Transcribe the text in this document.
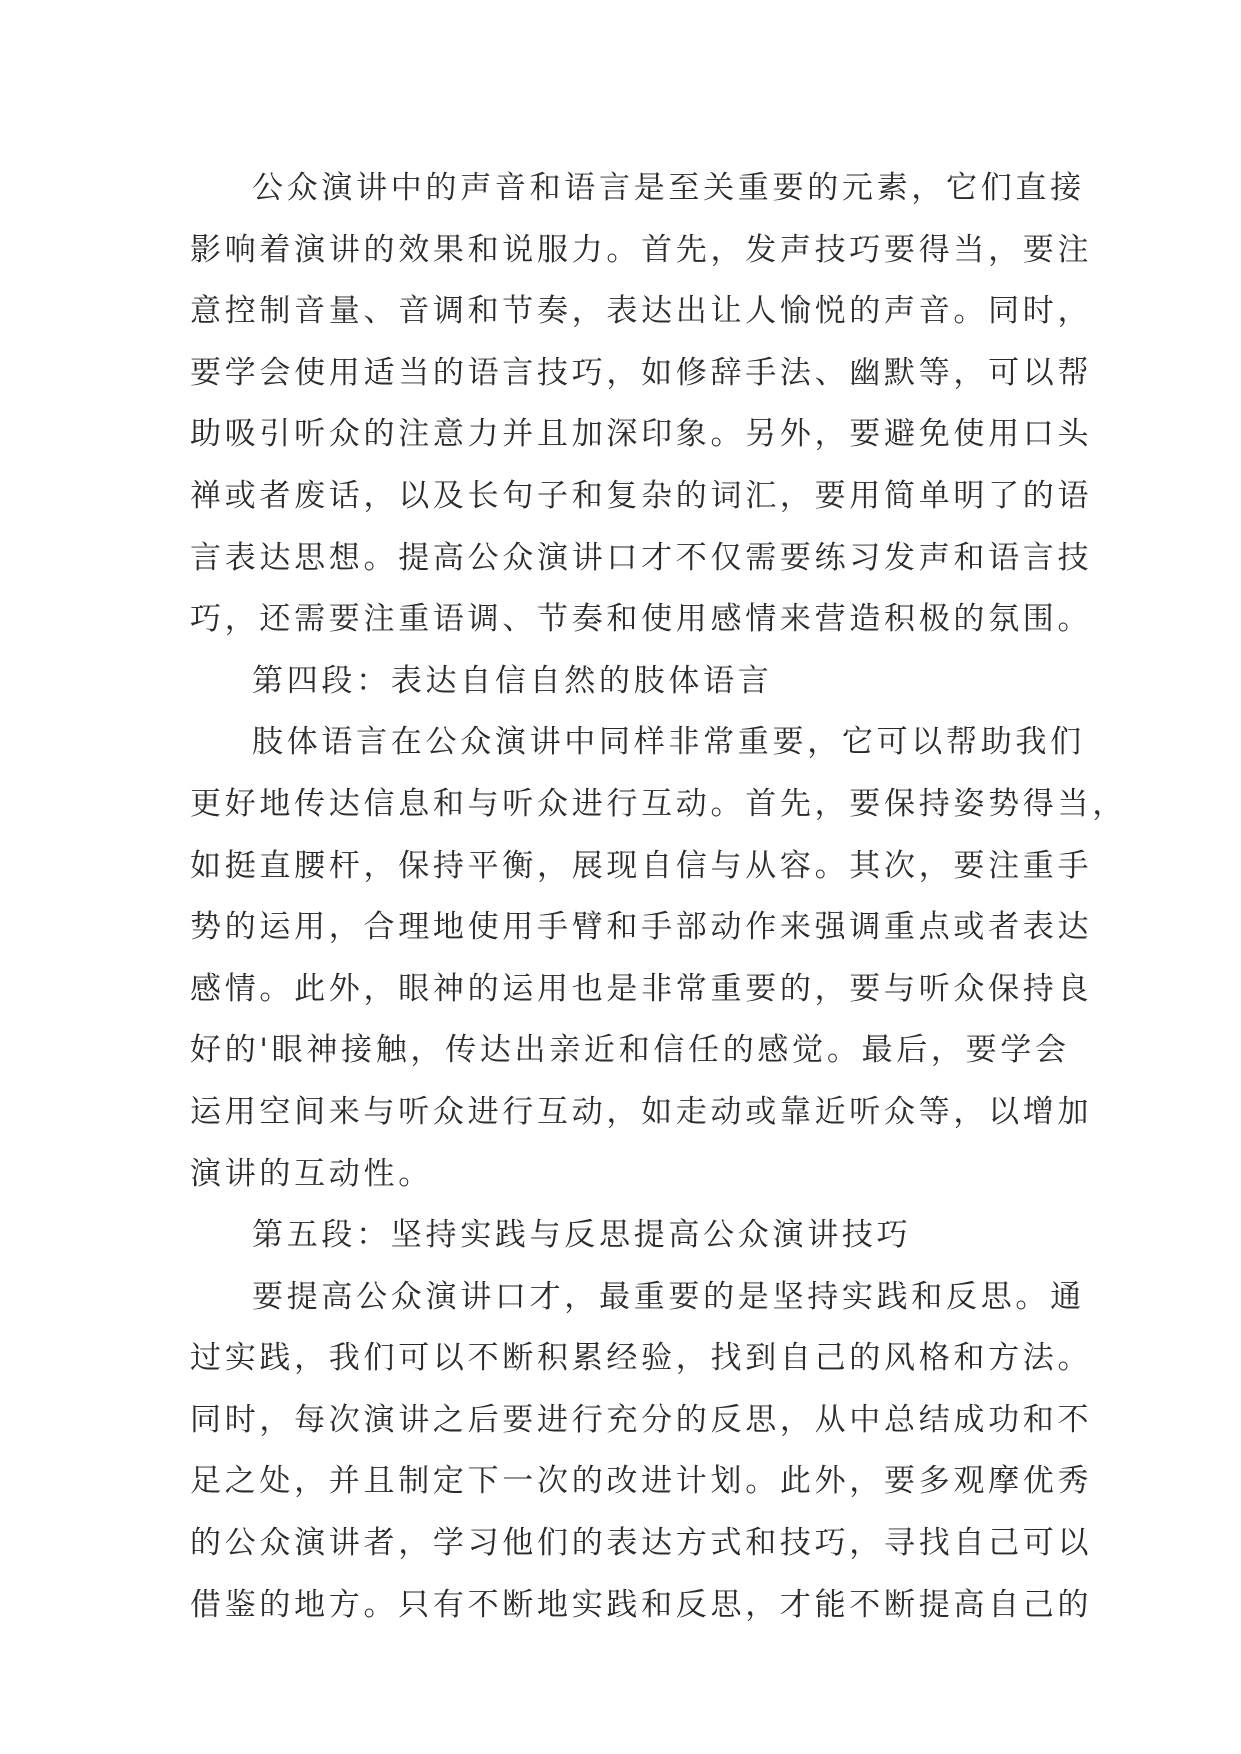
公众演讲中的声音和语言是至关重要的元素，它们直接
影响着演讲的效果和说服力。首先，发声技巧要得当，要注
意控制音量、音调和节奏，表达出让人愉悦的声音。同时，
要学会使用适当的语言技巧，如修辞手法、幽默等，可以帮
助吸引听众的注意力并且加深印象。另外，要避免使用口头
禅或者废话，以及长句子和复杂的词汇，要用简单明了的语
言表达思想。提高公众演讲口才不仅需要练习发声和语言技
巧，还需要注重语调、节奏和使用感情来营造积极的氛围。

第四段：表达自信自然的肢体语言

肢体语言在公众演讲中同样非常重要，它可以帮助我们
更好地传达信息和与听众进行互动。首先，要保持姿势得当，
如挺直腰杆，保持平衡，展现自信与从容。其次，要注重手
势的运用，合理地使用手臂和手部动作来强调重点或者表达
感情。此外，眼神的运用也是非常重要的，要与听众保持良
好的'眼神接触，传达出亲近和信任的感觉。最后，要学会
运用空间来与听众进行互动，如走动或靠近听众等，以增加
演讲的互动性。

第五段：坚持实践与反思提高公众演讲技巧

要提高公众演讲口才，最重要的是坚持实践和反思。通
过实践，我们可以不断积累经验，找到自己的风格和方法。
同时，每次演讲之后要进行充分的反思，从中总结成功和不
足之处，并且制定下一次的改进计划。此外，要多观摩优秀
的公众演讲者，学习他们的表达方式和技巧，寻找自己可以
借鉴的地方。只有不断地实践和反思，才能不断提高自己的
